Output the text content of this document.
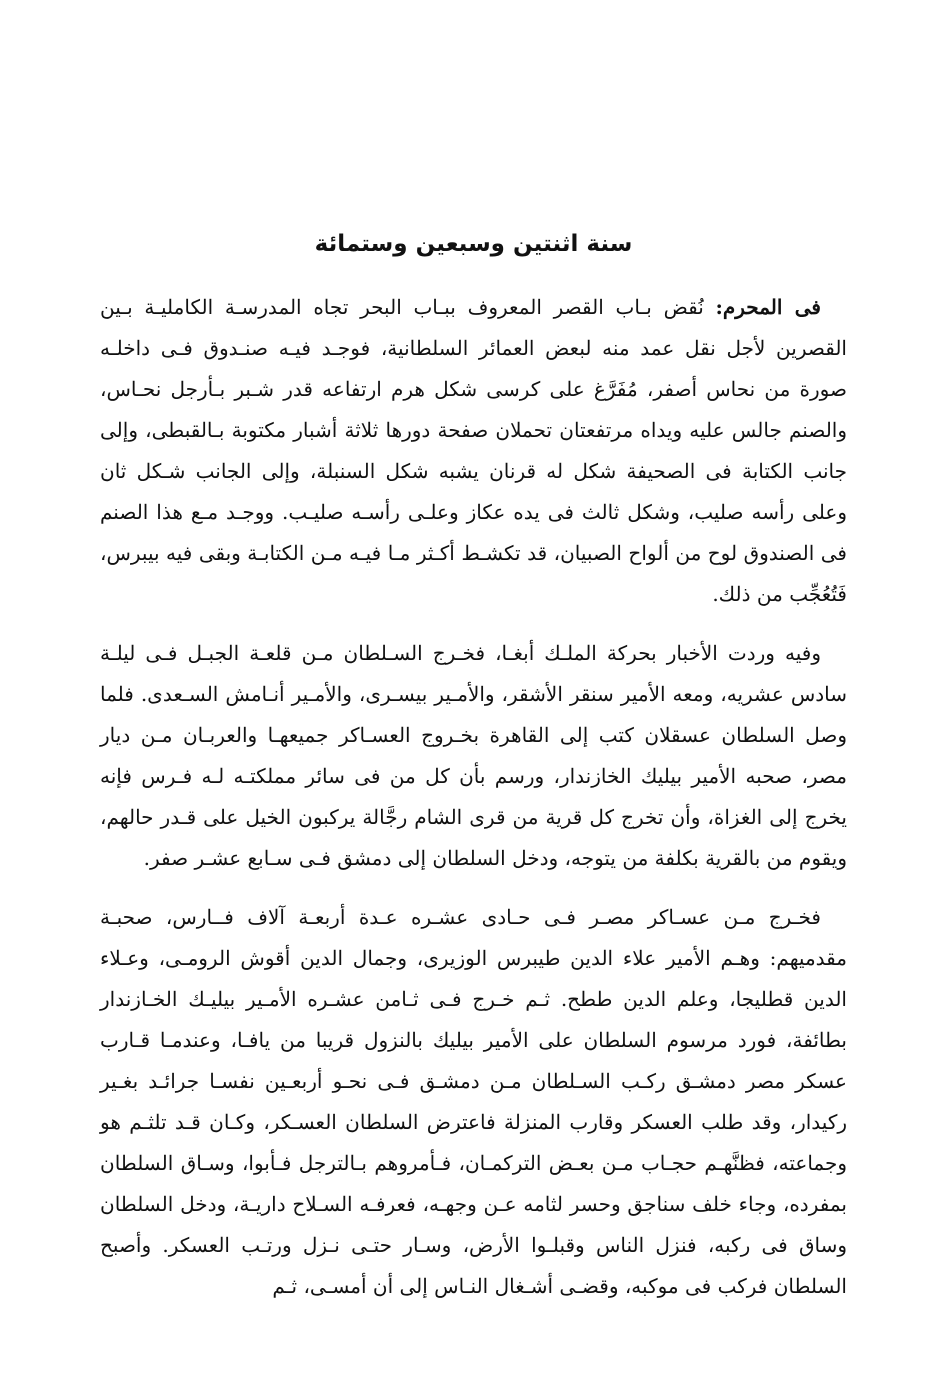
سنة اثنتين وسبعين وستمائة

فى المحرم: نُقض بـاب القصر المعروف ببـاب البحر تجاه المدرسـة الكامليـة بـين القصرين لأجل نقل عمد منه لبعض العمائر السلطانية، فوجـد فيـه صنـدوق فـى داخلـه صورة من نحاس أصفر، مُفَرَّغ على كرسى شكل هرم ارتفاعه قدر شـبر بـأرجل نحـاس، والصنم جالس عليه ويداه مرتفعتان تحملان صفحة دورها ثلاثة أشبار مكتوبة بـالقبطى، وإلى جانب الكتابة فى الصحيفة شكل له قرنان يشبه شكل السنبلة، وإلى الجانب شـكل ثان وعلى رأسه صليب، وشكل ثالث فى يده عكاز وعلـى رأسـه صليـب. ووجـد مـع هذا الصنم فى الصندوق لوح من ألواح الصبيان، قد تكشـط أكـثر مـا فيـه مـن الكتابـة وبقى فيه بيبرس، فَتُعُجِّب من ذلك.

وفيه وردت الأخبار بحركة الملـك أبغـا، فخـرج السـلطان مـن قلعـة الجبـل فـى ليلـة سادس عشريه، ومعه الأمير سنقر الأشقر، والأمـير بيسـرى، والأمـير أنـامش السـعدى. فلما وصل السلطان عسقلان كتب إلى القاهرة بخـروج العسـاكر جميعهـا والعربـان مـن ديار مصر، صحبه الأمير بيليك الخازندار، ورسم بأن كل من فى سائر مملكتـه لـه فـرس فإنه يخرج إلى الغزاة، وأن تخرج كل قرية من قرى الشام رجَّالة يركبون الخيل على قـدر حالهم، ويقوم من بالقرية بكلفة من يتوجه، ودخل السلطان إلى دمشق فـى سـابع عشـر صفر.

فخـرج مـن عسـاكر مصـر فـى حـادى عشـره عـدة أربعـة آلاف فــارس، صحبـة مقدميهم: وهـم الأمير علاء الدين طيبرس الوزيرى، وجمال الدين أقوش الرومـى، وعـلاء الدين قطليجا، وعلم الدين ططح. ثـم خـرج فـى ثـامن عشـره الأمـير بيليـك الخـازندار بطائفة، فورد مرسوم السلطان على الأمير بيليك بالنزول قريبا من يافـا، وعندمـا قـارب عسكر مصر دمشـق ركـب السـلطان مـن دمشـق فـى نحـو أربعـين نفسـا جرائـد بغـير ركيدار، وقد طلب العسكر وقارب المنزلة فاعترض السلطان العسـكر، وكـان قـد تلثـم هو وجماعته، فظنَّهـم حجـاب مـن بعـض التركمـان، فـأمروهم بـالترجل فـأبوا، وسـاق السلطان بمفرده، وجاء خلف سناجق وحسر لثامه عـن وجهـه، فعرفـه السـلاح داريـة، ودخل السلطان وساق فى ركبه، فنزل الناس وقبلـوا الأرض، وسـار حتـى نـزل ورتـب العسكر. وأصبح السلطان فركب فى موكبه، وقضـى أشـغال النـاس إلى أن أمسـى، ثـم
